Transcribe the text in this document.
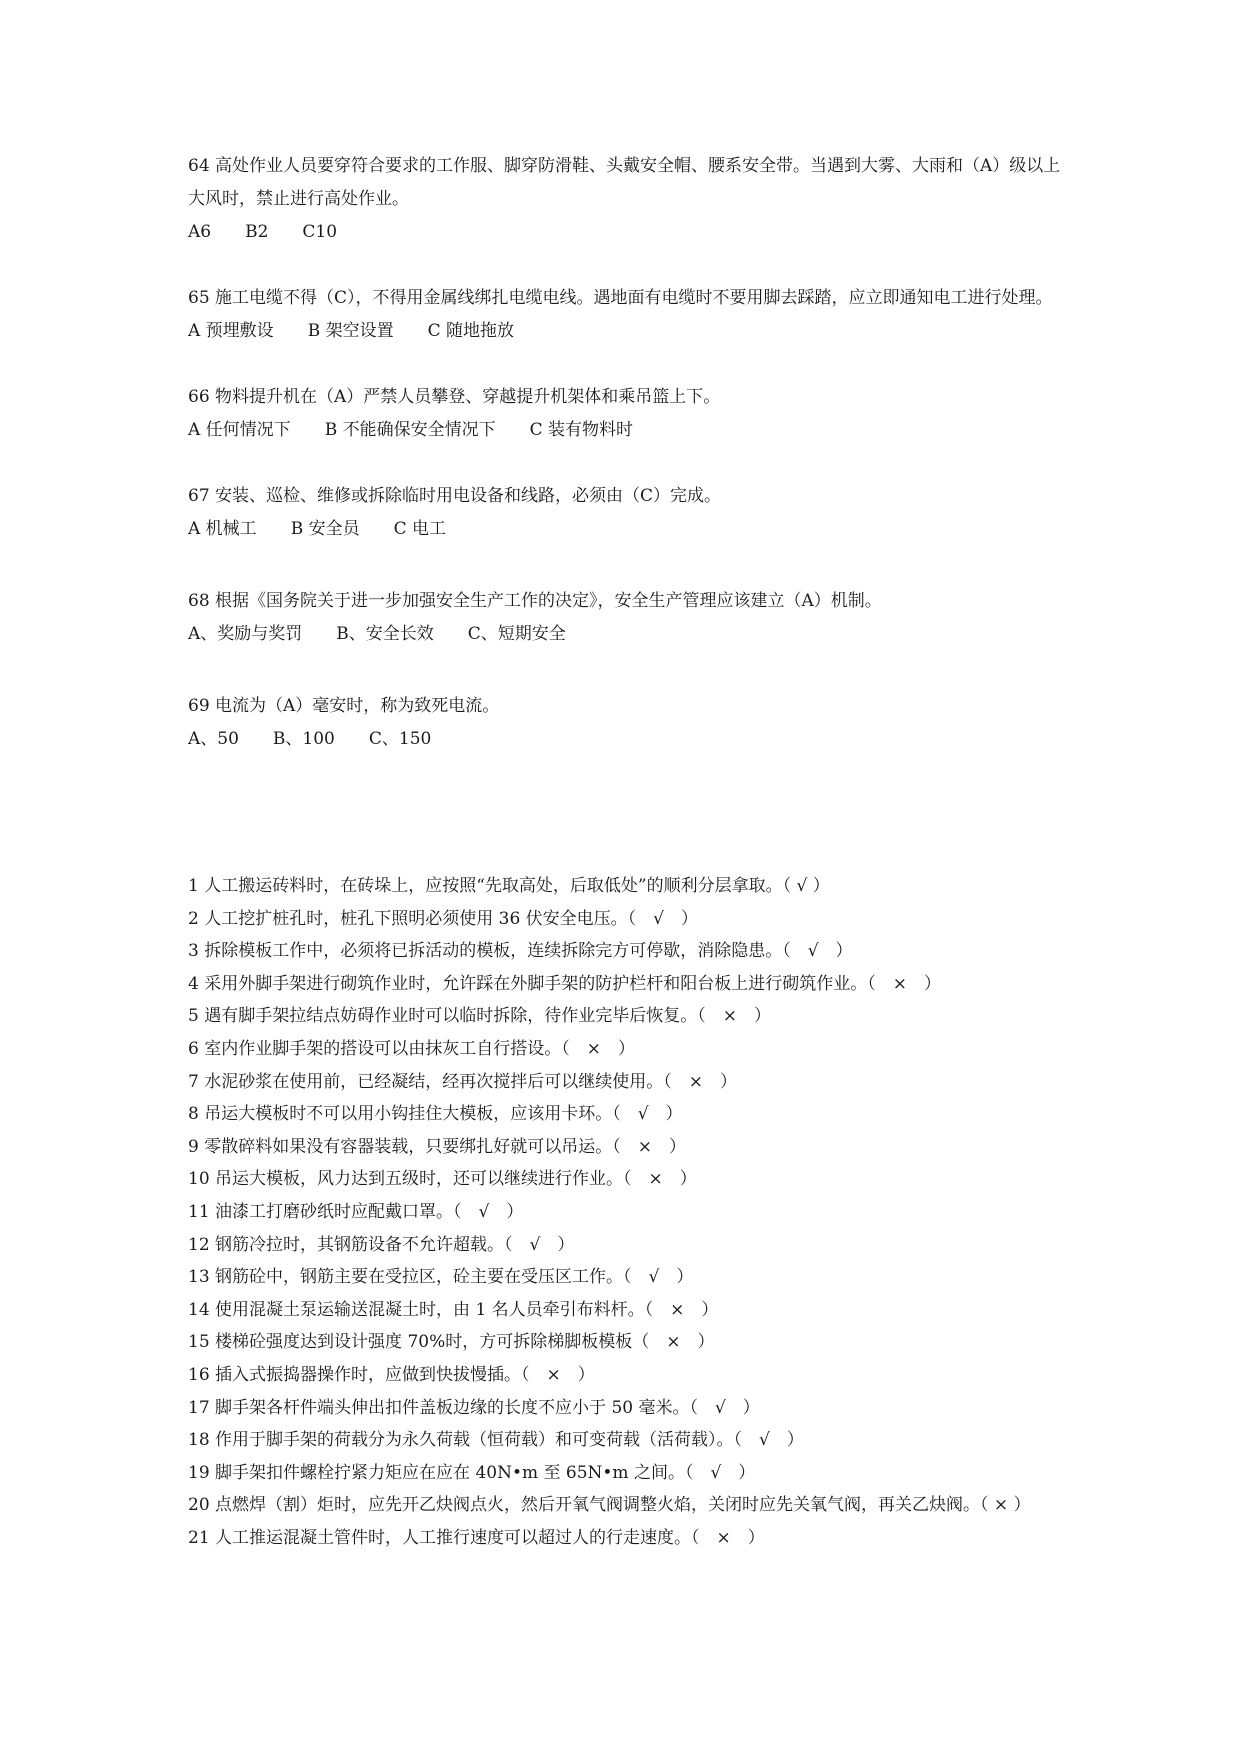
64 高处作业人员要穿符合要求的工作服、脚穿防滑鞋、头戴安全帽、腰系安全带。当遇到大雾、大雨和（A）级以上大风时，禁止进行高处作业。
A6 B2 C10
65 施工电缆不得（C），不得用金属线绑扎电缆电线。遇地面有电缆时不要用脚去踩踏，应立即通知电工进行处理。
A 预埋敷设 B 架空设置 C 随地拖放
66 物料提升机在（A）严禁人员攀登、穿越提升机架体和乘吊篮上下。
A 任何情况下 B 不能确保安全情况下 C 装有物料时
67 安装、巡检、维修或拆除临时用电设备和线路，必须由（C）完成。
A 机械工 B 安全员 C 电工
68 根据《国务院关于进一步加强安全生产工作的决定》，安全生产管理应该建立（A）机制。
A、奖励与奖罚 B、安全长效 C、短期安全
69 电流为（A）毫安时，称为致死电流。
A、50 B、100 C、150
1 人工搬运砖料时，在砖垛上，应按照“先取高处，后取低处”的顺利分层拿取。（ √ ）
2 人工挖扩桩孔时，桩孔下照明必须使用 36 伏安全电压。（　√　）
3 拆除模板工作中，必须将已拆活动的模板，连续拆除完方可停歇，消除隐患。（　√　）
4 采用外脚手架进行砌筑作业时，允许踩在外脚手架的防护栏杆和阳台板上进行砌筑作业。（　×　）
5 遇有脚手架拉结点妨碍作业时可以临时拆除，待作业完毕后恢复。（　×　）
6 室内作业脚手架的搭设可以由抹灰工自行搭设。（　×　）
7 水泥砂浆在使用前，已经凝结，经再次搅拌后可以继续使用。（　×　）
8 吊运大模板时不可以用小钩挂住大模板，应该用卡环。（　√　）
9 零散碎料如果没有容器装载，只要绑扎好就可以吊运。（　×　）
10 吊运大模板，风力达到五级时，还可以继续进行作业。（　×　）
11 油漆工打磨砂纸时应配戴口罩。（　√　）
12 钢筋冷拉时，其钢筋设备不允许超载。（　√　）
13 钢筋砼中，钢筋主要在受拉区，砼主要在受压区工作。（　√　）
14 使用混凝土泵运输送混凝土时，由 1 名人员牵引布料杆。（　×　）
15 楼梯砼强度达到设计强度 70%时，方可拆除梯脚板模板（　×　）
16 插入式振捣器操作时，应做到快拔慢插。（　×　）
17 脚手架各杆件端头伸出扣件盖板边缘的长度不应小于 50 毫米。（　√　）
18 作用于脚手架的荷载分为永久荷载（恒荷载）和可变荷载（活荷载）。（　√　）
19 脚手架扣件螺栓拧紧力矩应在应在 40N•m 至 65N•m 之间。（　√　）
20 点燃焊（割）炬时，应先开乙炔阀点火，然后开氧气阀调整火焰，关闭时应先关氧气阀，再关乙炔阀。（ × ）
21 人工推运混凝土管件时，人工推行速度可以超过人的行走速度。（　×　）
